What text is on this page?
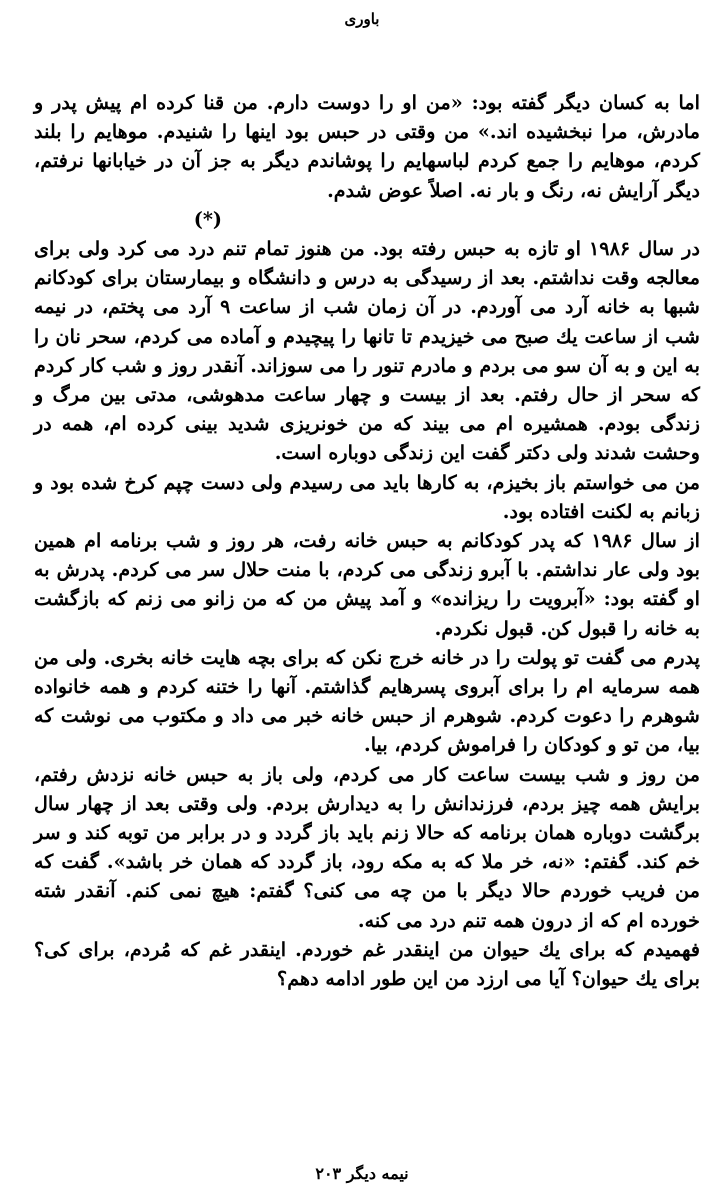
باوری

اما به کسان دیگر گفته بود: «من او را دوست دارم. من قنا کرده ام پیش پدر و مادرش، مرا نبخشیده اند.» من وقتی در حبس بود اینها را شنیدم. موهایم را بلند کردم، موهایم را جمع کردم لباسهایم را پوشاندم دیگر به جز آن در خیابانها نرفتم، دیگر آرایش نه، رنگ و بار نه. اصلاً عوض شدم.

(*)

در سال ۱۹۸۶ او تازه به حبس رفته بود. من هنوز تمام تنم درد می کرد ولی برای معالجه وقت نداشتم. بعد از رسیدگی به درس و دانشگاه و بیمارستان برای کودکانم شبها به خانه آرد می آوردم. در آن زمان شب از ساعت ۹ آرد می پختم، در نیمه شب از ساعت یك صبح می خیزیدم تا تانها را پیچیدم و آماده می کردم، سحر نان را به این و به آن سو می بردم و مادرم تنور را می سوزاند. آنقدر روز و شب کار کردم که سحر از حال رفتم. بعد از بیست و چهار ساعت مدهوشی، مدتی بین مرگ و زندگی بودم. همشیره ام می بیند که من خونریزی شدید بینی کرده ام، همه در وحشت شدند ولی دکتر گفت این زندگی دوباره است.

من می خواستم باز بخیزم، به کارها باید می رسیدم ولی دست چپم کرخ شده بود و زبانم به لکنت افتاده بود.

از سال ۱۹۸۶ که پدر کودکانم به حبس خانه رفت، هر روز و شب برنامه ام همین بود ولی عار نداشتم. با آبرو زندگی می کردم، با منت حلال سر می کردم. پدرش به او گفته بود: «آبرویت را ریزانده» و آمد پیش من که من زانو می زنم که بازگشت به خانه را قبول کن. قبول نکردم.

پدرم می گفت تو پولت را در خانه خرج نکن که برای بچه هایت خانه بخری. ولی من همه سرمایه ام را برای آبروی پسرهایم گذاشتم. آنها را ختنه کردم و همه خانواده شوهرم را دعوت کردم. شوهرم از حبس خانه خبر می داد و مکتوب می نوشت که بیا، من تو و کودکان را فراموش کردم، بیا.

من روز و شب بیست ساعت کار می کردم، ولی باز به حبس خانه نزدش رفتم، برایش همه چیز بردم، فرزندانش را به دیدارش بردم. ولی وقتی بعد از چهار سال برگشت دوباره همان برنامه که حالا زنم باید باز گردد و در برابر من توبه کند و سر خم کند. گفتم: «نه، خر ملا که به مکه رود، باز گردد که همان خر باشد». گفت که من فریب خوردم حالا دیگر با من چه می کنی؟ گفتم: هیچ نمی کنم. آنقدر شته خورده ام که از درون همه تنم درد می کنه.

فهمیدم که برای یك حیوان من اینقدر غم خوردم. اینقدر غم که مُردم، برای کی؟ برای یك حیوان؟ آیا می ارزد من این طور ادامه دهم؟

نیمه دیگر ۲۰۳
